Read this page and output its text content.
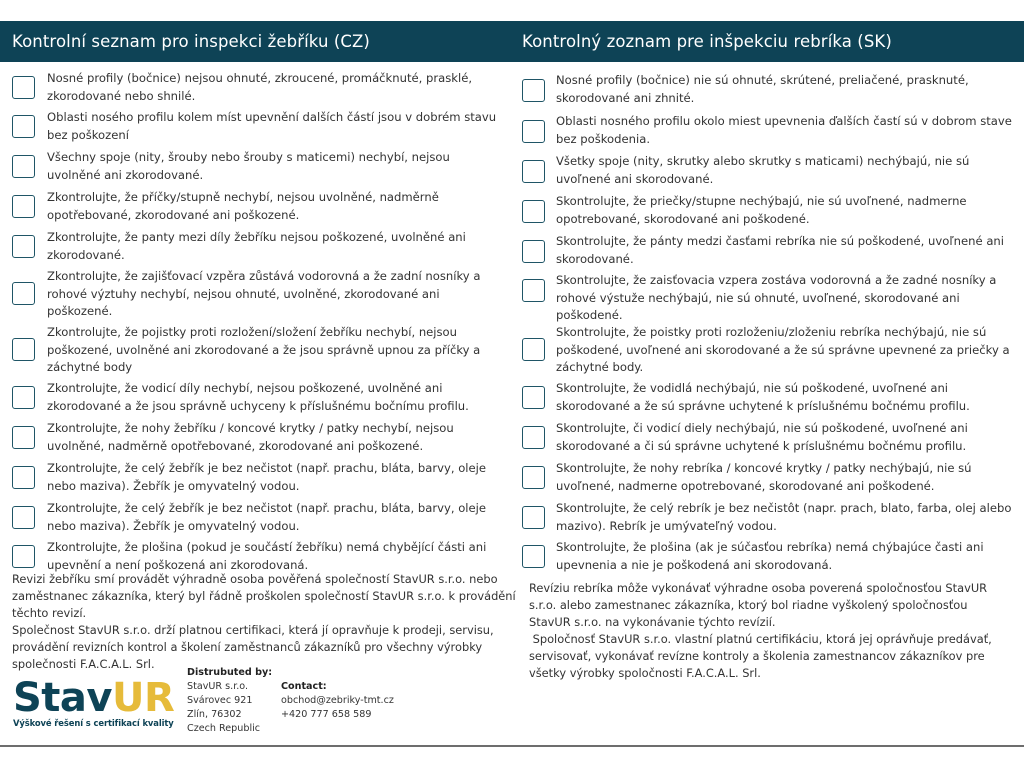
Kontrolní seznam pro inspekci žebříku (CZ)	Kontrolný zoznam pre inšpekciu rebríka (SK)
Nosné profily (bočnice) nejsou ohnuté, zkroucené, promáčknuté, prasklé, zkorodované nebo shnilé.
Oblasti noséhо profilu kolem míst upevnění dalších částí jsou v dobrém stavu bez poškození
Všechny spoje (nity, šrouby nebo šrouby s maticemi) nechybí, nejsou uvolněné ani zkorodované.
Zkontrolujte, že příčky/stupně nechybí, nejsou uvolněné, nadměrně opotřebované, zkorodované ani poškozené.
Zkontrolujte, že panty mezi díly žebříku nejsou poškozené, uvolněné ani zkorodované.
Zkontrolujte, že zajišťovací vzpěra zůstává vodorovná a že zadní nosníky a rohové výztuhy nechybí, nejsou ohnuté, uvolněné, zkorodované ani poškozené.
Zkontrolujte, že pojistky proti rozložení/složení žebříku nechybí, nejsou poškozené, uvolněné ani zkorodované a že jsou správně upnou za příčky a záchytné body
Zkontrolujte, že vodicí díly nechybí, nejsou poškozené, uvolněné ani zkorodované a že jsou správně uchyceny k příslušnému bočnímu profilu.
Zkontrolujte, že nohy žebříku / koncové krytky / patky nechybí, nejsou uvolněné, nadměrně opotřebované, zkorodované ani poškozené.
Zkontrolujte, že celý žebřík je bez nečistot (např. prachu, bláta, barvy, oleje nebo maziva). Žebřík je omyvatelný vodou.
Zkontrolujte, že celý žebřík je bez nečistot (např. prachu, bláta, barvy, oleje nebo maziva). Žebřík je omyvatelný vodou.
Zkontrolujte, že plošina (pokud je součástí žebříku) nemá chybějící části ani upevnění a není poškozená ani zkorodovaná.
Nosné profily (bočnice) nie sú ohnuté, skrútené, preliačené, prasknuté, skorodované ani zhnité.
Oblasti nosného profilu okolo miest upevnenia ďalších častí sú v dobrom stave bez poškodenia.
Všetky spoje (nity, skrutky alebo skrutky s maticami) nechýbajú, nie sú uvoľnené ani skorodované.
Skontrolujte, že priečky/stupne nechýbajú, nie sú uvoľnené, nadmerne opotrebované, skorodované ani poškodené.
Skontrolujte, že pánty medzi časťami rebríka nie sú poškodené, uvoľnené ani skorodované.
Skontrolujte, že zaisťovacia vzpera zostáva vodorovná a že zadné nosníky a rohové výstuže nechýbajú, nie sú ohnuté, uvoľnené, skorodované ani poškodené.
Skontrolujte, že poistky proti rozloženiu/zloženiu rebríka nechýbajú, nie sú poškodené, uvoľnené ani skorodované a že sú správne upevnené za priečky a záchytné body.
Skontrolujte, že vodidlá nechýbajú, nie sú poškodené, uvoľnené ani skorodované a že sú správne uchytené k príslušnému bočnému profilu.
Skontrolujte, či vodicí diely nechýbajú, nie sú poškodené, uvoľnené ani skorodované a či sú správne uchytené k príslušnému bočnému profilu.
Skontrolujte, že nohy rebríka / koncové krytky / patky nechýbajú, nie sú uvoľnené, nadmerne opotrebované, skorodované ani poškodené.
Skontrolujte, že celý rebrík je bez nečistôt (napr. prach, blato, farba, olej alebo mazivo). Rebrík je umývateľný vodou.
Skontrolujte, že plošina (ak je súčasťou rebríka) nemá chýbajúce časti ani upevnenia a nie je poškodená ani skorodovaná.

Revizi žebříku smí provádět výhradně osoba pověřená společností StavUR s.r.o. nebo zaměstnanec zákazníka, který byl řádně proškolen společností StavUR s.r.o. k provádění těchto revizí.

Společnost StavUR s.r.o. drží platnou certifikaci, která jí opravňuje k prodeji, servisu, provádění revizních kontrol a školení zaměstnanců zákazníků pro všechny výrobky společnosti F.A.C.A.L. Srl.

Revíziu rebríka môže vykonávať výhradne osoba poverená spoločnosťou StavUR s.r.o. alebo zamestnanec zákazníka, ktorý bol riadne vyškolený spoločnosťou StavUR s.r.o. na vykonávanie týchto revízií.

Spoločnosť StavUR s.r.o. vlastní platnú certifikáciu, ktorá jej oprávňuje predávať, servisovať, vykonávať revízne kontroly a školenia zamestnancov zákazníkov pre všetky výrobky spoločnosti F.A.C.A.L. Srl.

StavUR
Výškové řešení s certifikací kvality
Distrubuted by:
StavUR s.r.o.
Svárovec 921
Zlín, 76302
Czech Republic
Contact:
obchod@zebriky-tmt.cz
+420 777 658 589
